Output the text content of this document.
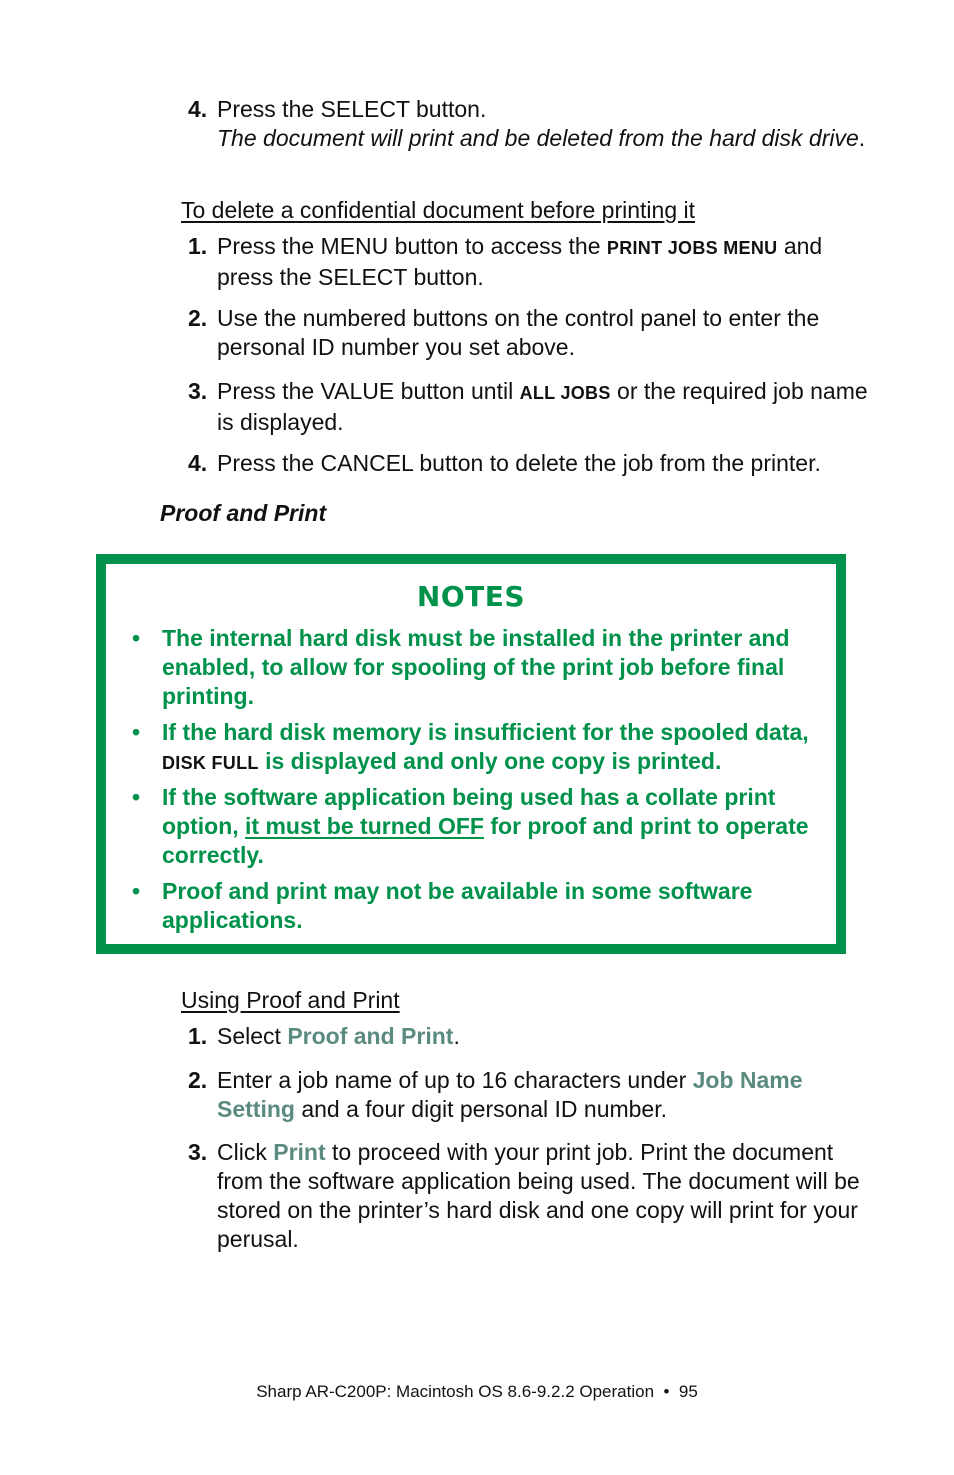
4. Press the SELECT button.
The document will print and be deleted from the hard disk drive.
To delete a confidential document before printing it
1. Press the MENU button to access the PRINT JOBS MENU and press the SELECT button.
2. Use the numbered buttons on the control panel to enter the personal ID number you set above.
3. Press the VALUE button until ALL JOBS or the required job name is displayed.
4. Press the CANCEL button to delete the job from the printer.
Proof and Print
NOTES
• The internal hard disk must be installed in the printer and enabled, to allow for spooling of the print job before final printing.
• If the hard disk memory is insufficient for the spooled data, DISK FULL is displayed and only one copy is printed.
• If the software application being used has a collate print option, it must be turned OFF for proof and print to operate correctly.
• Proof and print may not be available in some software applications.
Using Proof and Print
1. Select Proof and Print.
2. Enter a job name of up to 16 characters under Job Name Setting and a four digit personal ID number.
3. Click Print to proceed with your print job. Print the document from the software application being used. The document will be stored on the printer’s hard disk and one copy will print for your perusal.
Sharp AR-C200P: Macintosh OS 8.6-9.2.2 Operation  •  95
